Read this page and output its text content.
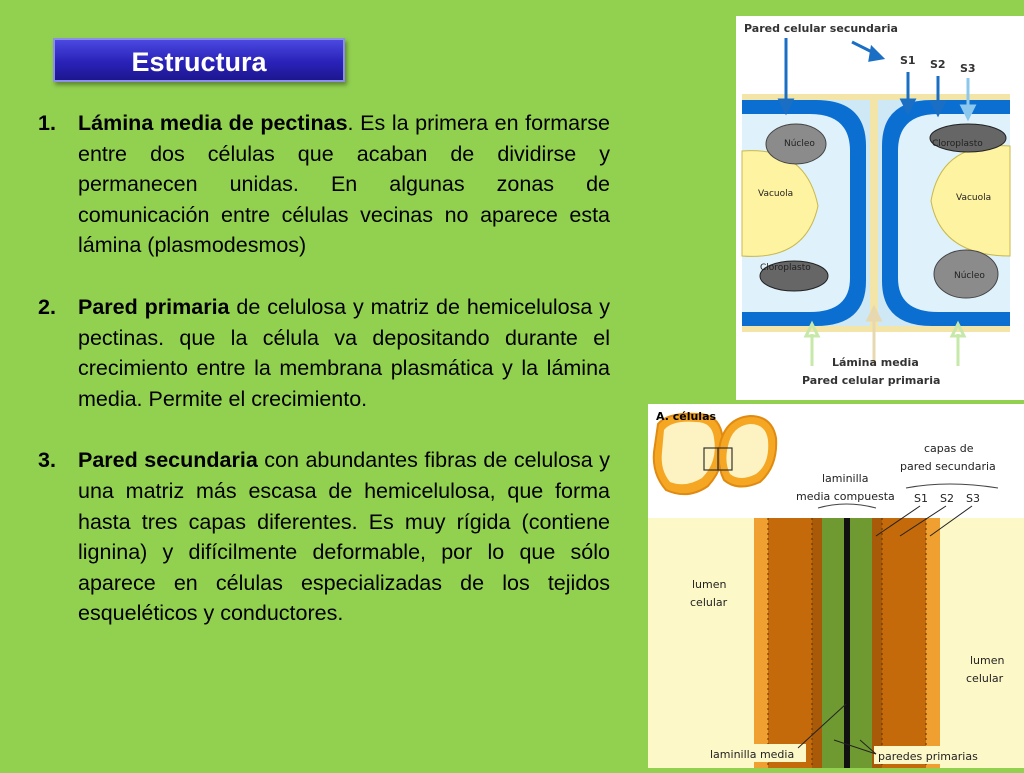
Estructura
1. Lámina media de pectinas. Es la primera en formarse entre dos células que acaban de dividirse y permanecen unidas. En algunas zonas de comunicación entre células vecinas no aparece esta lámina (plasmodesmos)
2. Pared primaria de celulosa y matriz de hemicelulosa y pectinas. que la célula va depositando durante el crecimiento entre la membrana plasmática y la lámina media. Permite el crecimiento.
3. Pared secundaria con abundantes fibras de celulosa y una matriz más escasa de hemicelulosa, que forma hasta tres capas diferentes. Es muy rígida (contiene lignina) y difícilmente deformable, por lo que sólo aparece en células especializadas de los tejidos esqueléticos y conductores.
Núcleo
Núcleo
Cloroplasto
Cloroplasto
Vacuola	Vacuola
Pared celular secundaria
S1 S2 S3
Lámina media
Pared celular primaria
A. células
capas de
pared secundaria
laminilla
media compuesta S1 S2 S3
lumen
celular
lumen
celular
laminilla media	paredes primarias
